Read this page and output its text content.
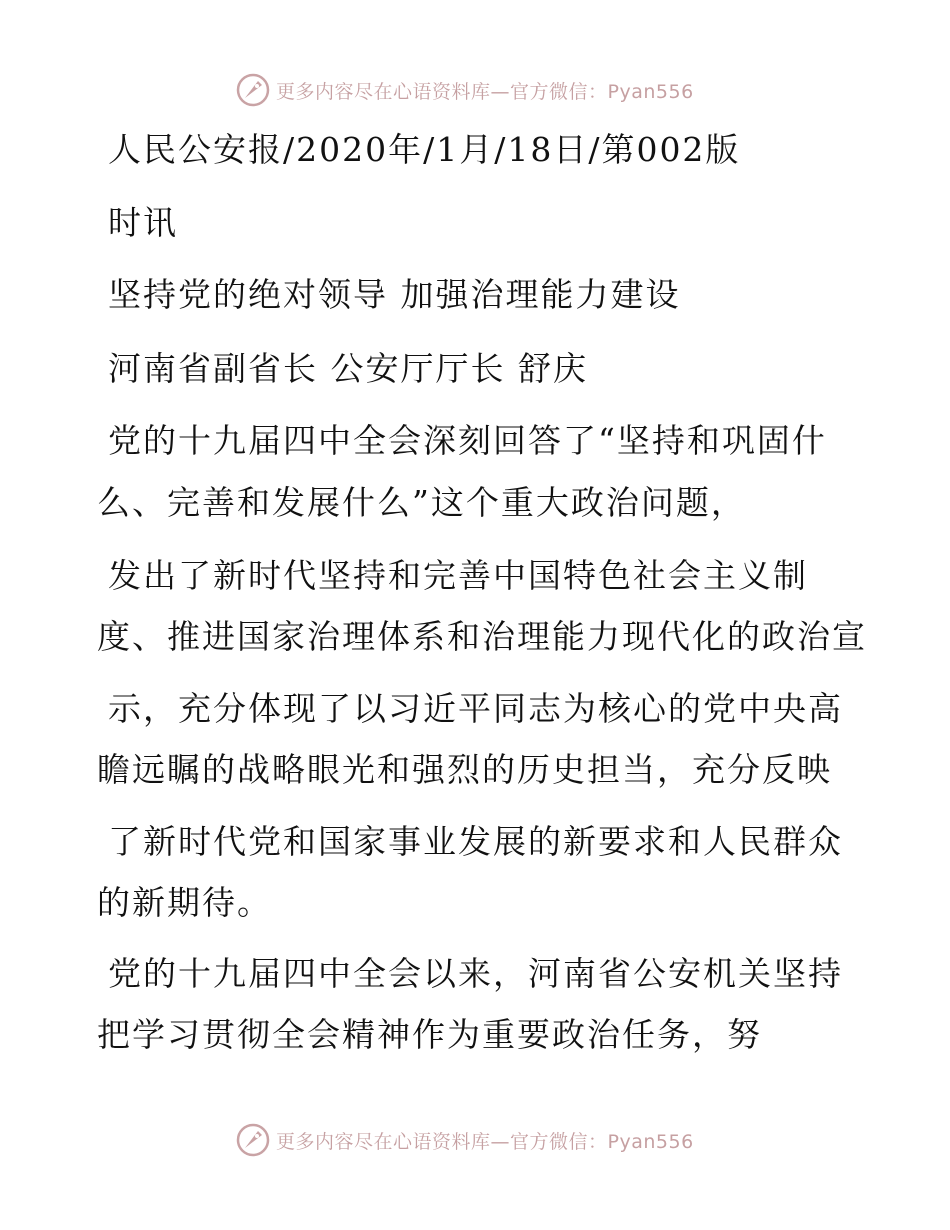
更多内容尽在心语资料库—官方微信：Pyan556

人民公安报/2020年/1月/18日/第002版

时讯

坚持党的绝对领导 加强治理能力建设

河南省副省长 公安厅厅长 舒庆

党的十九届四中全会深刻回答了“坚持和巩固什

么、完善和发展什么”这个重大政治问题，

发出了新时代坚持和完善中国特色社会主义制

度、推进国家治理体系和治理能力现代化的政治宣

示，充分体现了以习近平同志为核心的党中央高

瞻远瞩的战略眼光和强烈的历史担当，充分反映

了新时代党和国家事业发展的新要求和人民群众

的新期待。

党的十九届四中全会以来，河南省公安机关坚持

把学习贯彻全会精神作为重要政治任务，努

更多内容尽在心语资料库—官方微信：Pyan556
